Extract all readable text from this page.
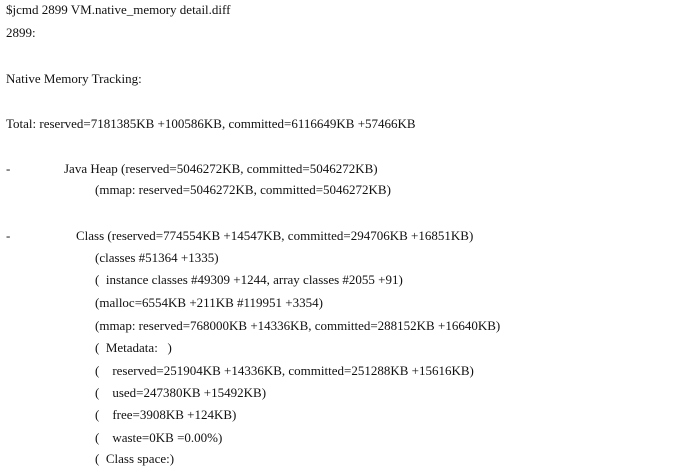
$jcmd 2899 VM.native_memory detail.diff
2899:
Native Memory Tracking:
Total: reserved=7181385KB +100586KB, committed=6116649KB +57466KB
-	Java Heap (reserved=5046272KB, committed=5046272KB)
(mmap: reserved=5046272KB, committed=5046272KB)
-	Class (reserved=774554KB +14547KB, committed=294706KB +16851KB)
(classes #51364 +1335)
(  instance classes #49309 +1244, array classes #2055 +91)
(malloc=6554KB +211KB #119951 +3354)
(mmap: reserved=768000KB +14336KB, committed=288152KB +16640KB)
(  Metadata:   )
(    reserved=251904KB +14336KB, committed=251288KB +15616KB)
(    used=247380KB +15492KB)
(    free=3908KB +124KB)
(    waste=0KB =0.00%)
(  Class space:)
